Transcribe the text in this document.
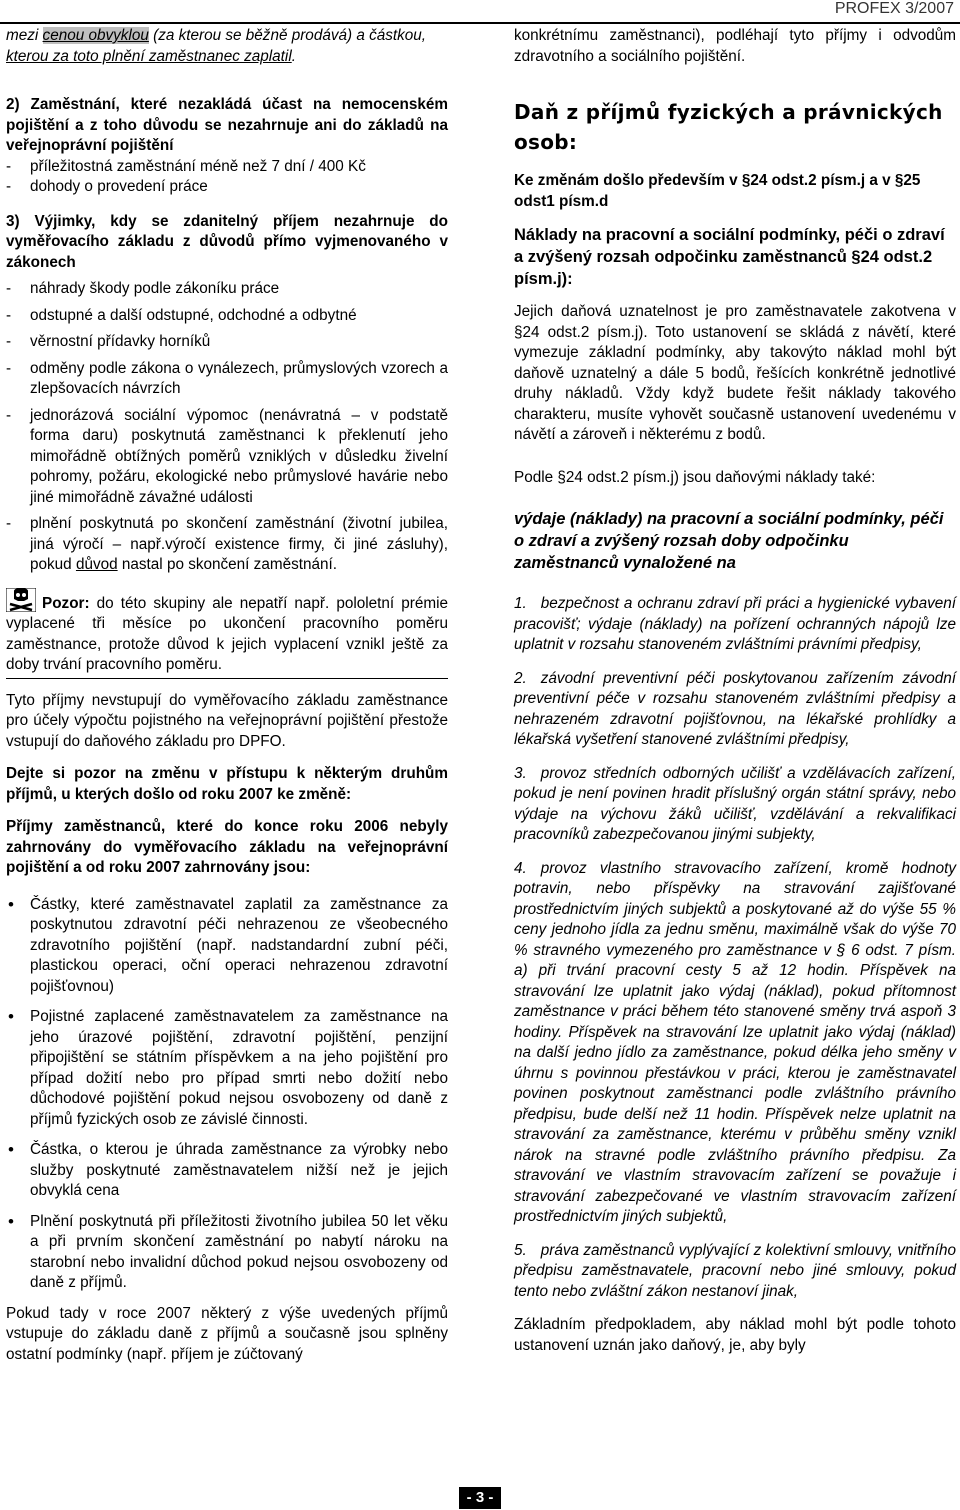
PROFEX 3/2007

mezi cenou obvyklou (za kterou se běžně prodává) a částkou, kterou za toto plnění zaměstnanec zaplatil.

2) Zaměstnání, které nezakládá účast na nemocenském pojištění a z toho důvodu se nezahrnuje ani do základů na veřejnoprávní pojištění

- příležitostná zaměstnání méně než 7 dní / 400 Kč
- dohody o provedení práce

3) Výjimky, kdy se zdanitelný příjem nezahrnuje do vyměřovacího základu z důvodů přímo vyjmenovaného v zákonech

- náhrady škody podle zákoníku práce
- odstupné a další odstupné, odchodné a odbytné
- věrnostní přídavky horníků
- odměny podle zákona o vynálezech, průmyslových vzorech a zlepšovacích návrzích
- jednorázová sociální výpomoc (nenávratná – v podstatě forma daru) poskytnutá zaměstnanci k překlenutí jeho mimořádně obtížných poměrů vzniklých v důsledku živelní pohromy, požáru, ekologické nebo průmyslové havárie nebo jiné mimořádně závažné události
- plnění poskytnutá po skončení zaměstnání (životní jubilea, jiná výročí – např.výročí existence firmy, či jiné zásluhy), pokud důvod nastal po skončení zaměstnání.

Pozor: do této skupiny ale nepatří např. pololetní prémie vyplacené tři měsíce po ukončení pracovního poměru zaměstnance, protože důvod k jejich vyplacení vznikl ještě za doby trvání pracovního poměru.

Tyto příjmy nevstupují do vyměřovacího základu zaměstnance pro účely výpočtu pojistného na veřejnoprávní pojištění přestože vstupují do daňového základu pro DPFO.

Dejte si pozor na změnu v přístupu k některým druhům příjmů, u kterých došlo od roku 2007 ke změně:

Příjmy zaměstnanců, které do konce roku 2006 nebyly zahrnovány do vyměřovacího základu na veřejnoprávní pojištění a od roku 2007 zahrnovány jsou:

• Částky, které zaměstnavatel zaplatil za zaměstnance za poskytnutou zdravotní péči nehrazenou ze všeobecného zdravotního pojištění (např. nadstandardní zubní péči, plastickou operaci, oční operaci nehrazenou zdravotní pojišťovnou)
• Pojistné zaplacené zaměstnavatelem za zaměstnance na jeho úrazové pojištění, zdravotní pojištění, penzijní připojištění se státním příspěvkem a na jeho pojištění pro případ dožití nebo pro případ smrti nebo dožití nebo důchodové pojištění pokud nejsou osvobozeny od daně z příjmů fyzických osob ze závislé činnosti.
• Částka, o kterou je úhrada zaměstnance za výrobky nebo služby poskytnuté zaměstnavatelem nižší než je jejich obvyklá cena
• Plnění poskytnutá při příležitosti životního jubilea 50 let věku a při prvním skončení zaměstnání po nabytí nároku na starobní nebo invalidní důchod pokud nejsou osvobozeny od daně z příjmů.

Pokud tady v roce 2007 některý z výše uvedených příjmů vstupuje do základu daně z příjmů a současně jsou splněny ostatní podmínky (např. příjem je zúčtovaný

konkrétnímu zaměstnanci), podléhají tyto příjmy i odvodům zdravotního a sociálního pojištění.

Daň z příjmů fyzických a právnických osob:

Ke změnám došlo především v §24 odst.2 písm.j a v §25 odst1 písm.d

Náklady na pracovní a sociální podmínky, péči o zdraví a zvýšený rozsah odpočinku zaměstnanců §24 odst.2 písm.j):

Jejich daňová uznatelnost je pro zaměstnavatele zakotvena v §24 odst.2 písm.j). Toto ustanovení se skládá z návětí, které vymezuje základní podmínky, aby takovýto náklad mohl být daňově uznatelný a dále 5 bodů, řešících konkrétně jednotlivé druhy nákladů. Vždy když budete řešit náklady takového charakteru, musíte vyhovět současně ustanovení uvedenému v návětí a zároveň i některému z bodů.

Podle §24 odst.2 písm.j) jsou daňovými náklady také:

výdaje (náklady) na pracovní a sociální podmínky, péči o zdraví a zvýšený rozsah doby odpočinku zaměstnanců vynaložené na

1. bezpečnost a ochranu zdraví při práci a hygienické vybavení pracovišť; výdaje (náklady) na pořízení ochranných nápojů lze uplatnit v rozsahu stanoveném zvláštními právními předpisy,
2. závodní preventivní péči poskytovanou zařízením závodní preventivní péče v rozsahu stanoveném zvláštními předpisy a nehrazeném zdravotní pojišťovnou, na lékařské prohlídky a lékařská vyšetření stanovené zvláštními předpisy,
3. provoz středních odborných učilišť a vzdělávacích zařízení, pokud je není povinen hradit příslušný orgán státní správy, nebo výdaje na výchovu žáků učilišť, vzdělávání a rekvalifikaci pracovníků zabezpečovanou jinými subjekty,
4. provoz vlastního stravovacího zařízení, kromě hodnoty potravin, nebo příspěvky na stravování zajišťované prostřednictvím jiných subjektů a poskytované až do výše 55 % ceny jednoho jídla za jednu směnu, maximálně však do výše 70 % stravného vymezeného pro zaměstnance v § 6 odst. 7 písm. a) při trvání pracovní cesty 5 až 12 hodin. Příspěvek na stravování lze uplatnit jako výdaj (náklad), pokud přítomnost zaměstnance v práci během této stanovené směny trvá aspoň 3 hodiny. Příspěvek na stravování lze uplatnit jako výdaj (náklad) na další jedno jídlo za zaměstnance, pokud délka jeho směny v úhrnu s povinnou přestávkou v práci, kterou je zaměstnavatel povinen poskytnout zaměstnanci podle zvláštního právního předpisu, bude delší než 11 hodin. Příspěvek nelze uplatnit na stravování za zaměstnance, kterému v průběhu směny vznikl nárok na stravné podle zvláštního právního předpisu. Za stravování ve vlastním stravovacím zařízení se považuje i stravování zabezpečované ve vlastním stravovacím zařízení prostřednictvím jiných subjektů,
5. práva zaměstnanců vyplývající z kolektivní smlouvy, vnitřního předpisu zaměstnavatele, pracovní nebo jiné smlouvy, pokud tento nebo zvláštní zákon nestanoví jinak,

Základním předpokladem, aby náklad mohl být podle tohoto ustanovení uznán jako daňový, je, aby byly

- 3 -
